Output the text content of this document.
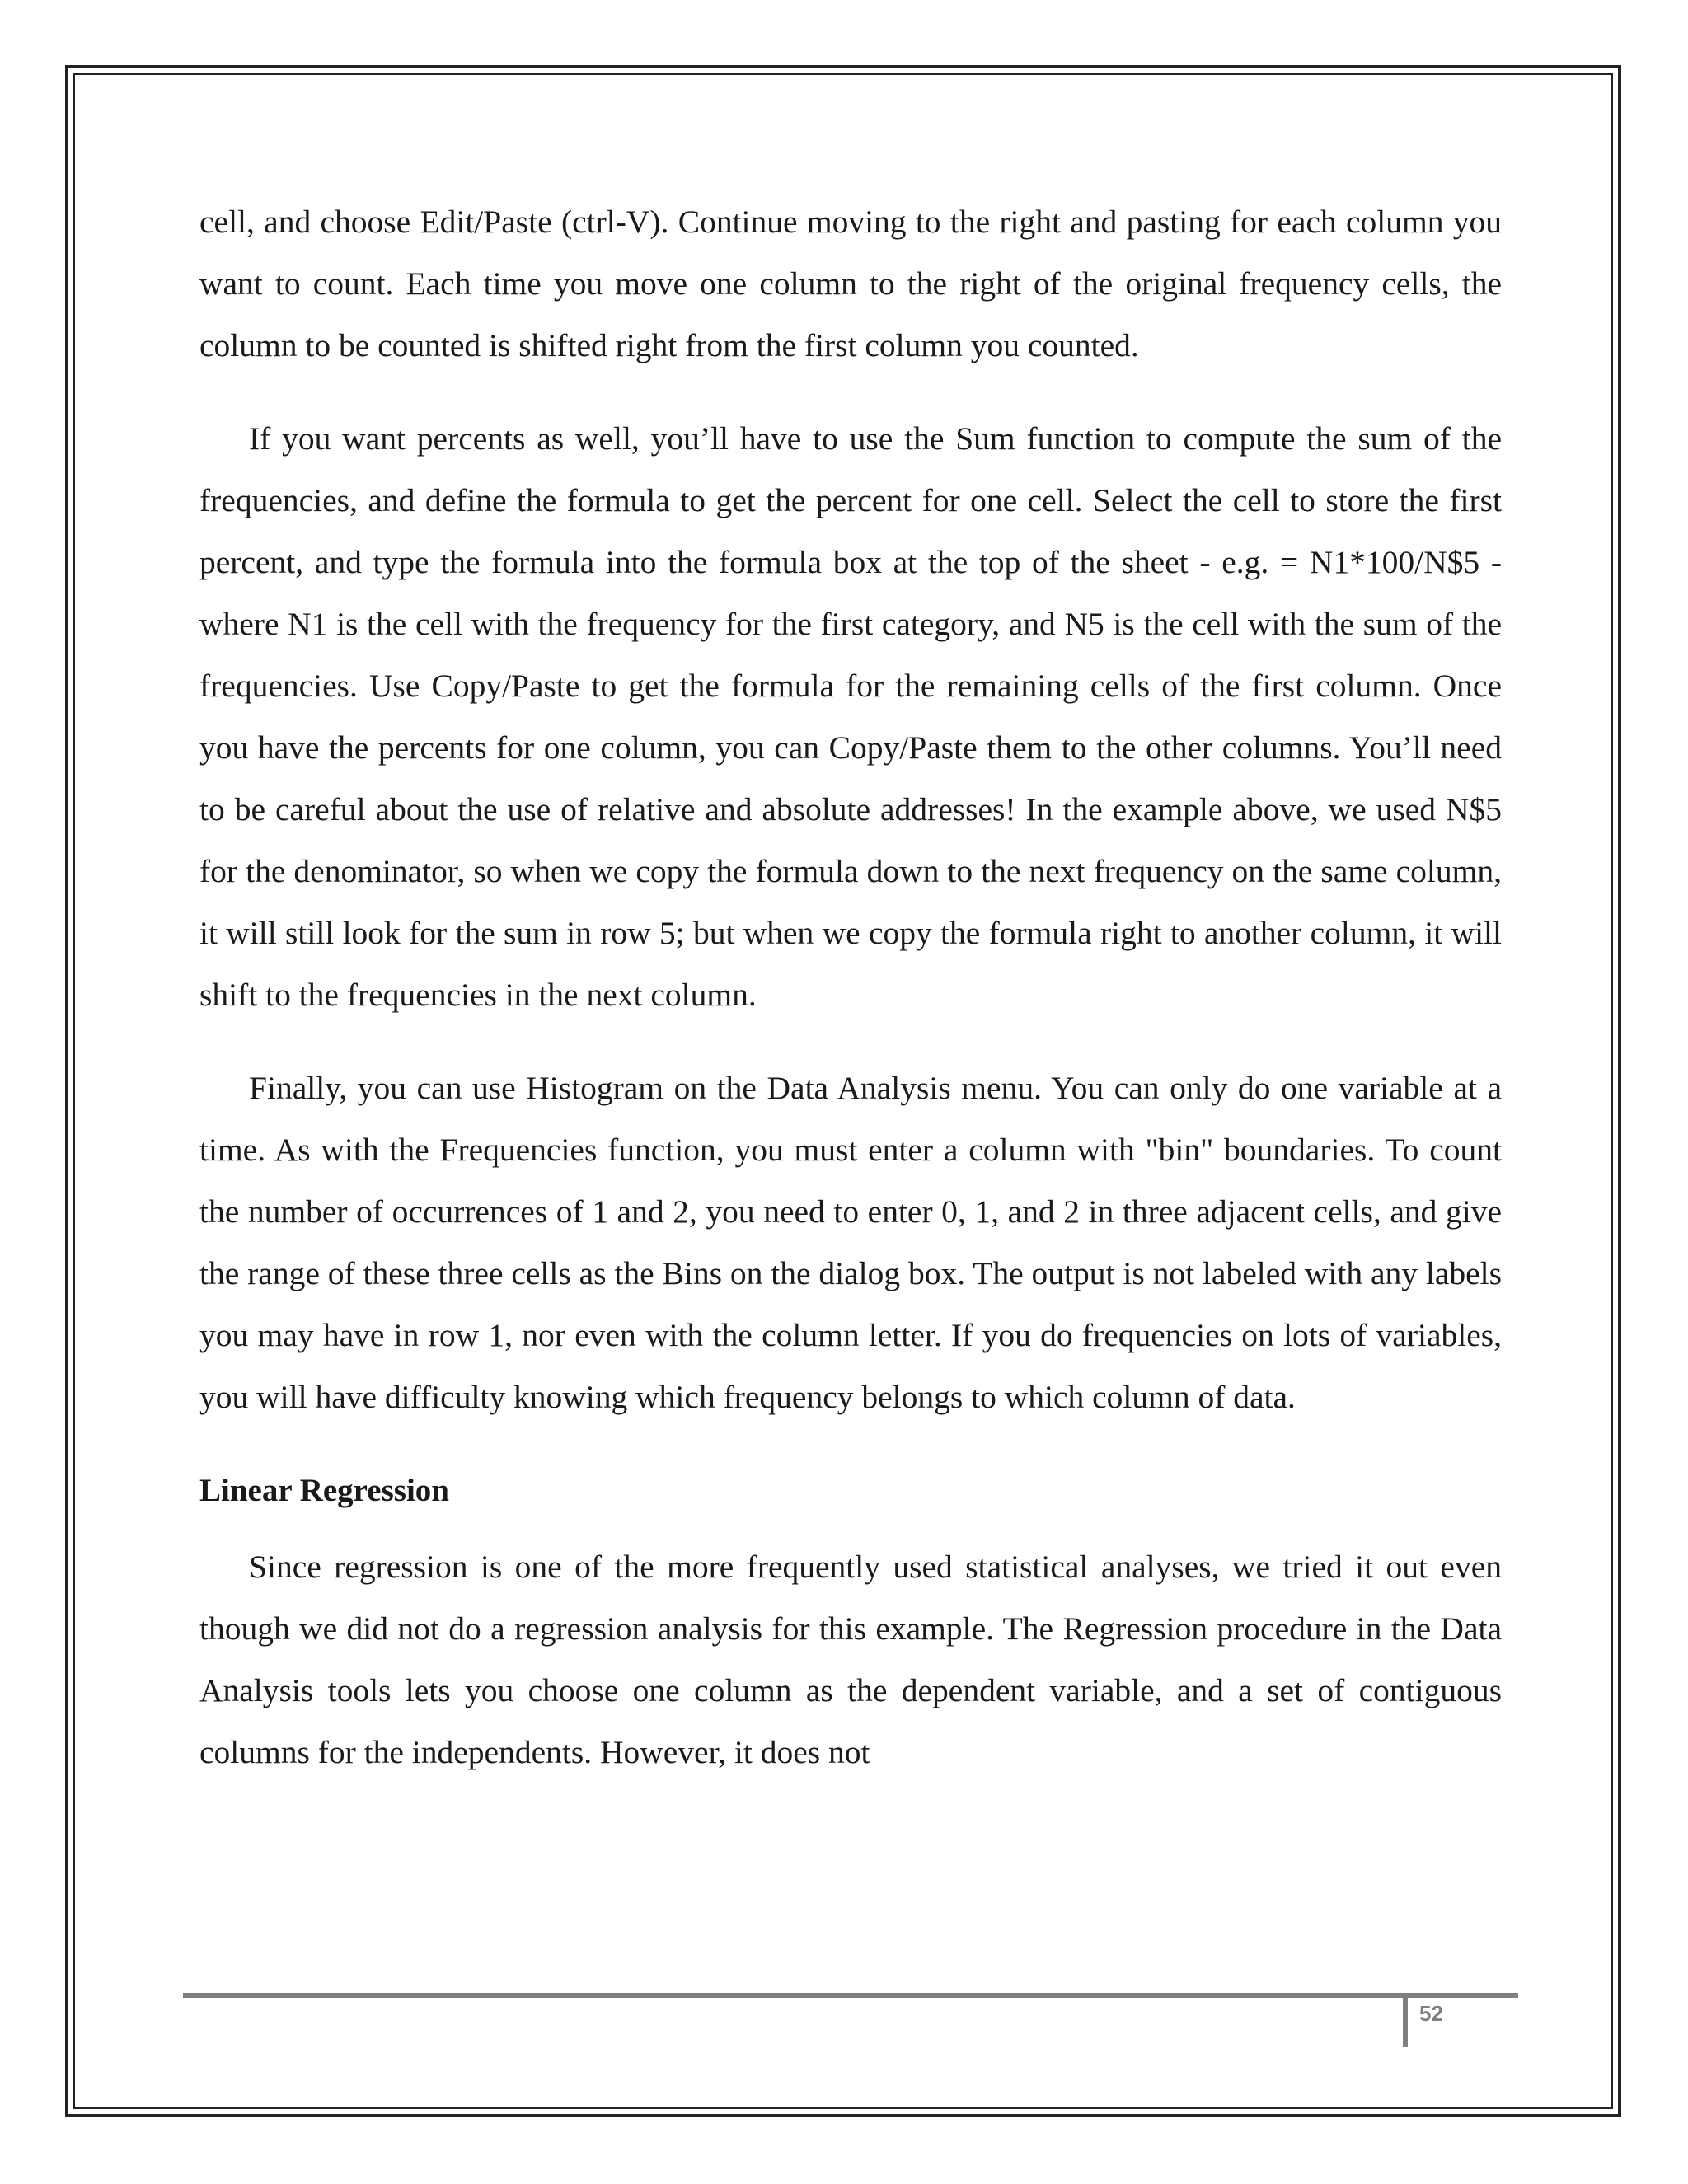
cell, and choose Edit/Paste (ctrl-V). Continue moving to the right and pasting for each column you want to count. Each time you move one column to the right of the original frequency cells, the column to be counted is shifted right from the first column you counted.

If you want percents as well, you’ll have to use the Sum function to compute the sum of the frequencies, and define the formula to get the percent for one cell. Select the cell to store the first percent, and type the formula into the formula box at the top of the sheet - e.g. = N1*100/N$5 - where N1 is the cell with the frequency for the first category, and N5 is the cell with the sum of the frequencies. Use Copy/Paste to get the formula for the remaining cells of the first column. Once you have the percents for one column, you can Copy/Paste them to the other columns. You’ll need to be careful about the use of relative and absolute addresses! In the example above, we used N$5 for the denominator, so when we copy the formula down to the next frequency on the same column, it will still look for the sum in row 5; but when we copy the formula right to another column, it will shift to the frequencies in the next column.

Finally, you can use Histogram on the Data Analysis menu. You can only do one variable at a time. As with the Frequencies function, you must enter a column with "bin" boundaries. To count the number of occurrences of 1 and 2, you need to enter 0, 1, and 2 in three adjacent cells, and give the range of these three cells as the Bins on the dialog box. The output is not labeled with any labels you may have in row 1, nor even with the column letter. If you do frequencies on lots of variables, you will have difficulty knowing which frequency belongs to which column of data.

Linear Regression

Since regression is one of the more frequently used statistical analyses, we tried it out even though we did not do a regression analysis for this example. The Regression procedure in the Data Analysis tools lets you choose one column as the dependent variable, and a set of contiguous columns for the independents. However, it does not

52
